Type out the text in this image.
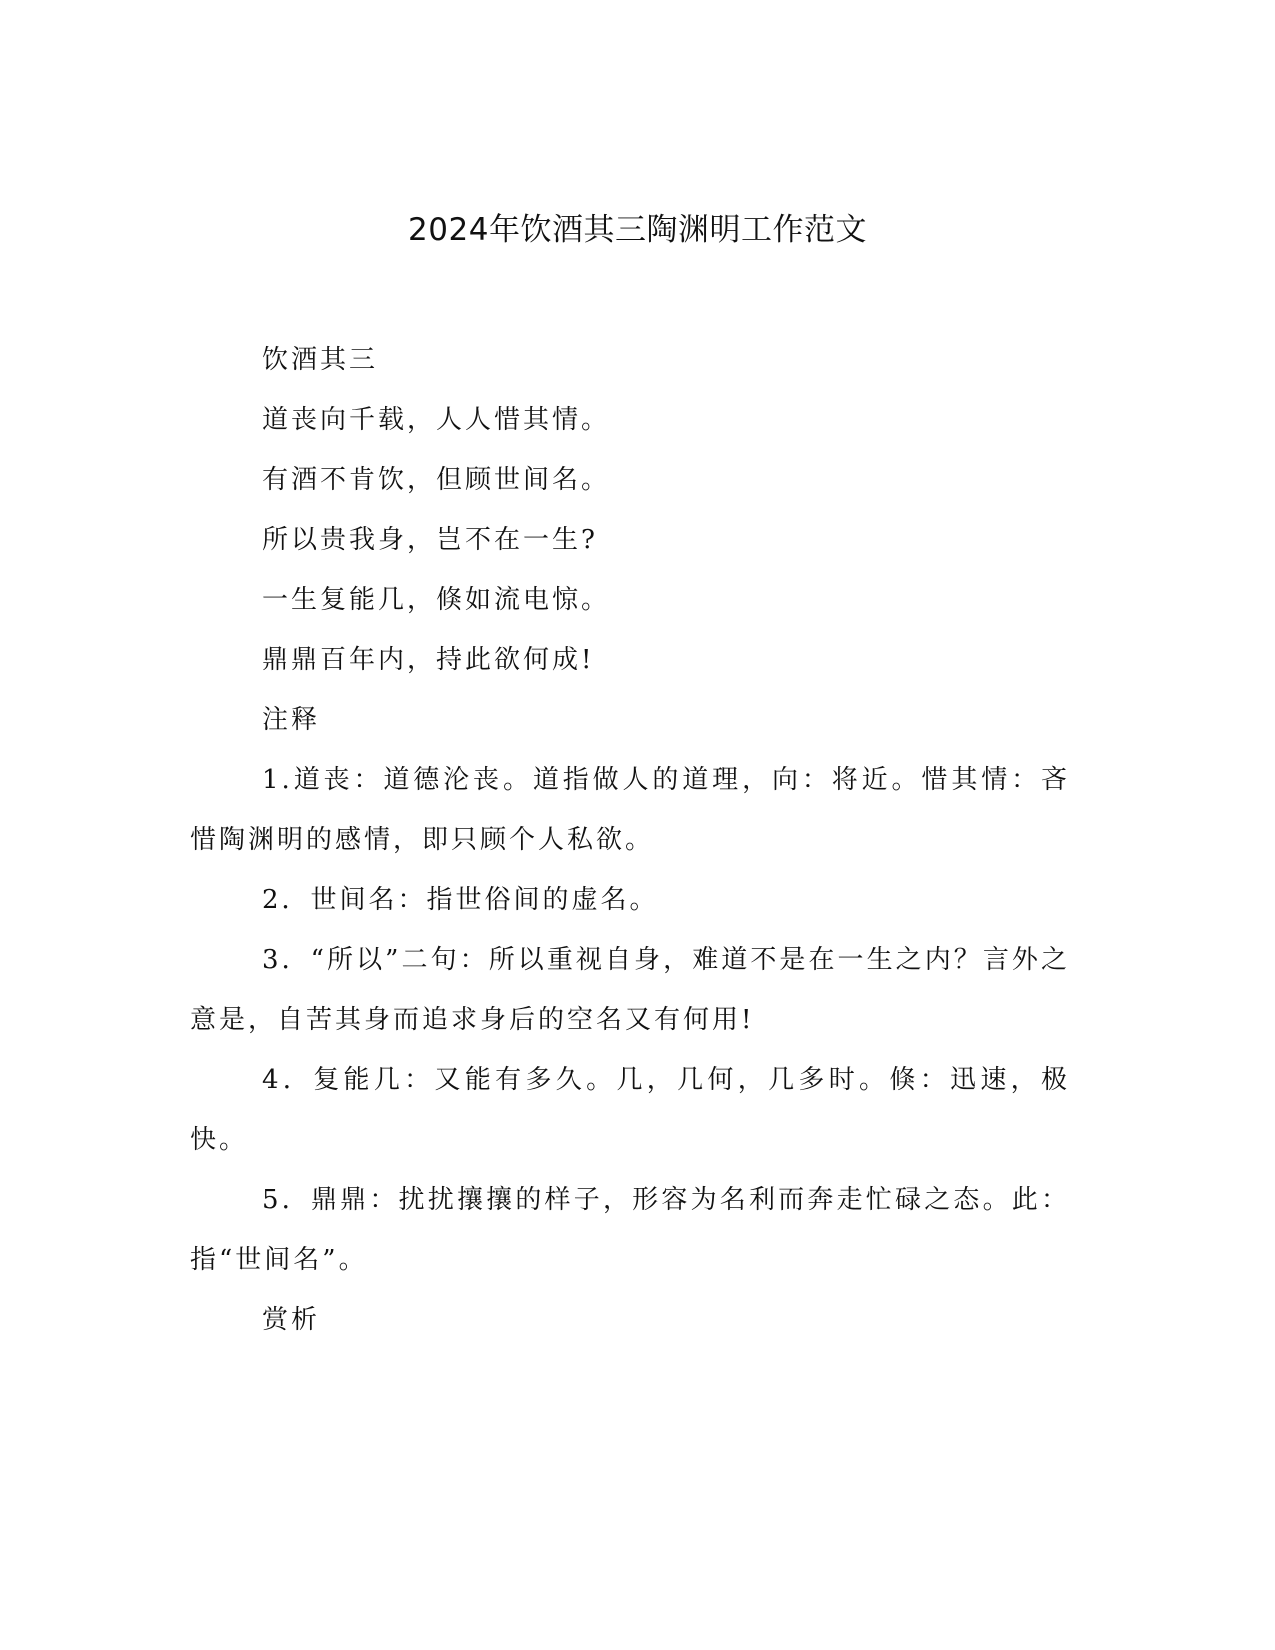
2024年饮酒其三陶渊明工作范文

饮酒其三

道丧向千载，人人惜其情。

有酒不肯饮，但顾世间名。

所以贵我身，岂不在一生?

一生复能几，倏如流电惊。

鼎鼎百年内，持此欲何成!

注释

1.道丧：道德沦丧。道指做人的道理，向：将近。惜其情：吝惜陶渊明的感情，即只顾个人私欲。

2．世间名：指世俗间的虚名。

3．“所以”二句：所以重视自身，难道不是在一生之内？言外之意是，自苦其身而追求身后的空名又有何用!

4．复能几：又能有多久。几，几何，几多时。倏：迅速，极快。

5．鼎鼎：扰扰攘攘的样子，形容为名利而奔走忙碌之态。此：指“世间名”。

赏析
